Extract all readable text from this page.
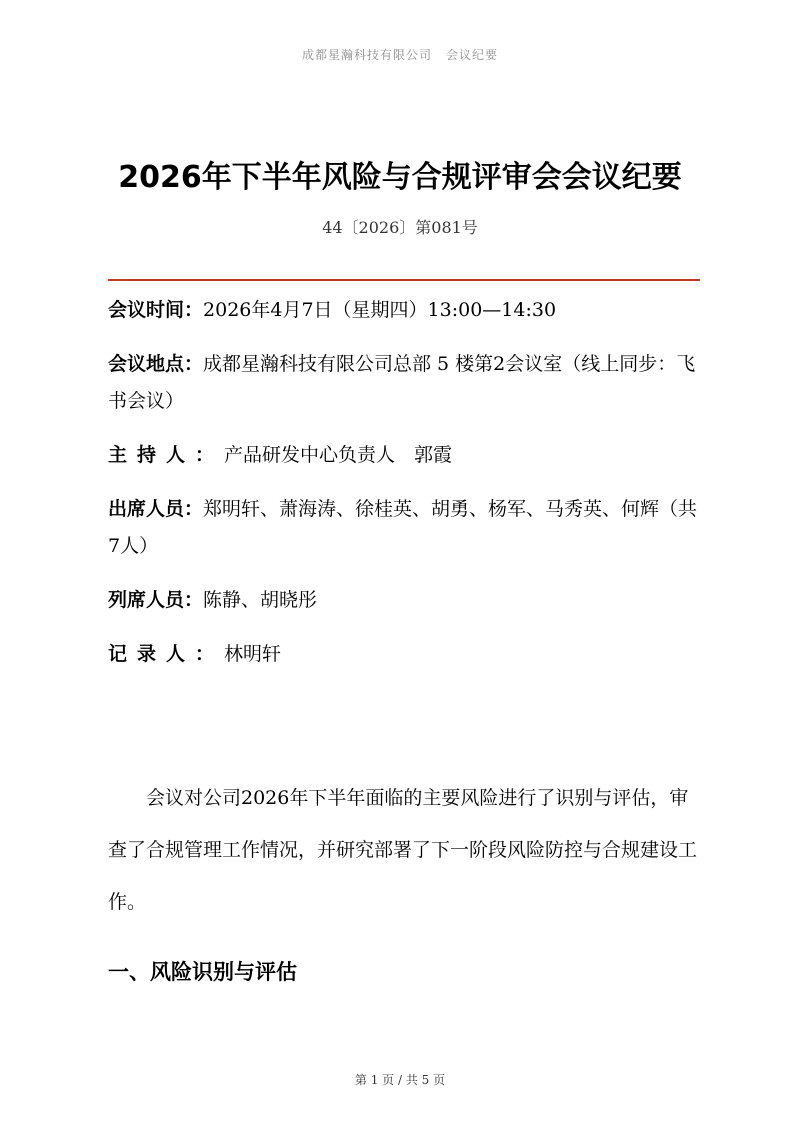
成都星瀚科技有限公司 会议纪要
2026年下半年风险与合规评审会会议纪要
44〔2026〕第081号
会议时间：2026年4月7日（星期四）13:00—14:30
会议地点：成都星瀚科技有限公司总部 5 楼第2会议室（线上同步：飞书会议）
主持人：产品研发中心负责人　郭霞
出席人员：郑明轩、萧海涛、徐桂英、胡勇、杨军、马秀英、何辉（共7人）
列席人员：陈静、胡晓彤
记录人：林明轩
会议对公司2026年下半年面临的主要风险进行了识别与评估，审查了合规管理工作情况，并研究部署了下一阶段风险防控与合规建设工作。
一、风险识别与评估
第 1 页 / 共 5 页
